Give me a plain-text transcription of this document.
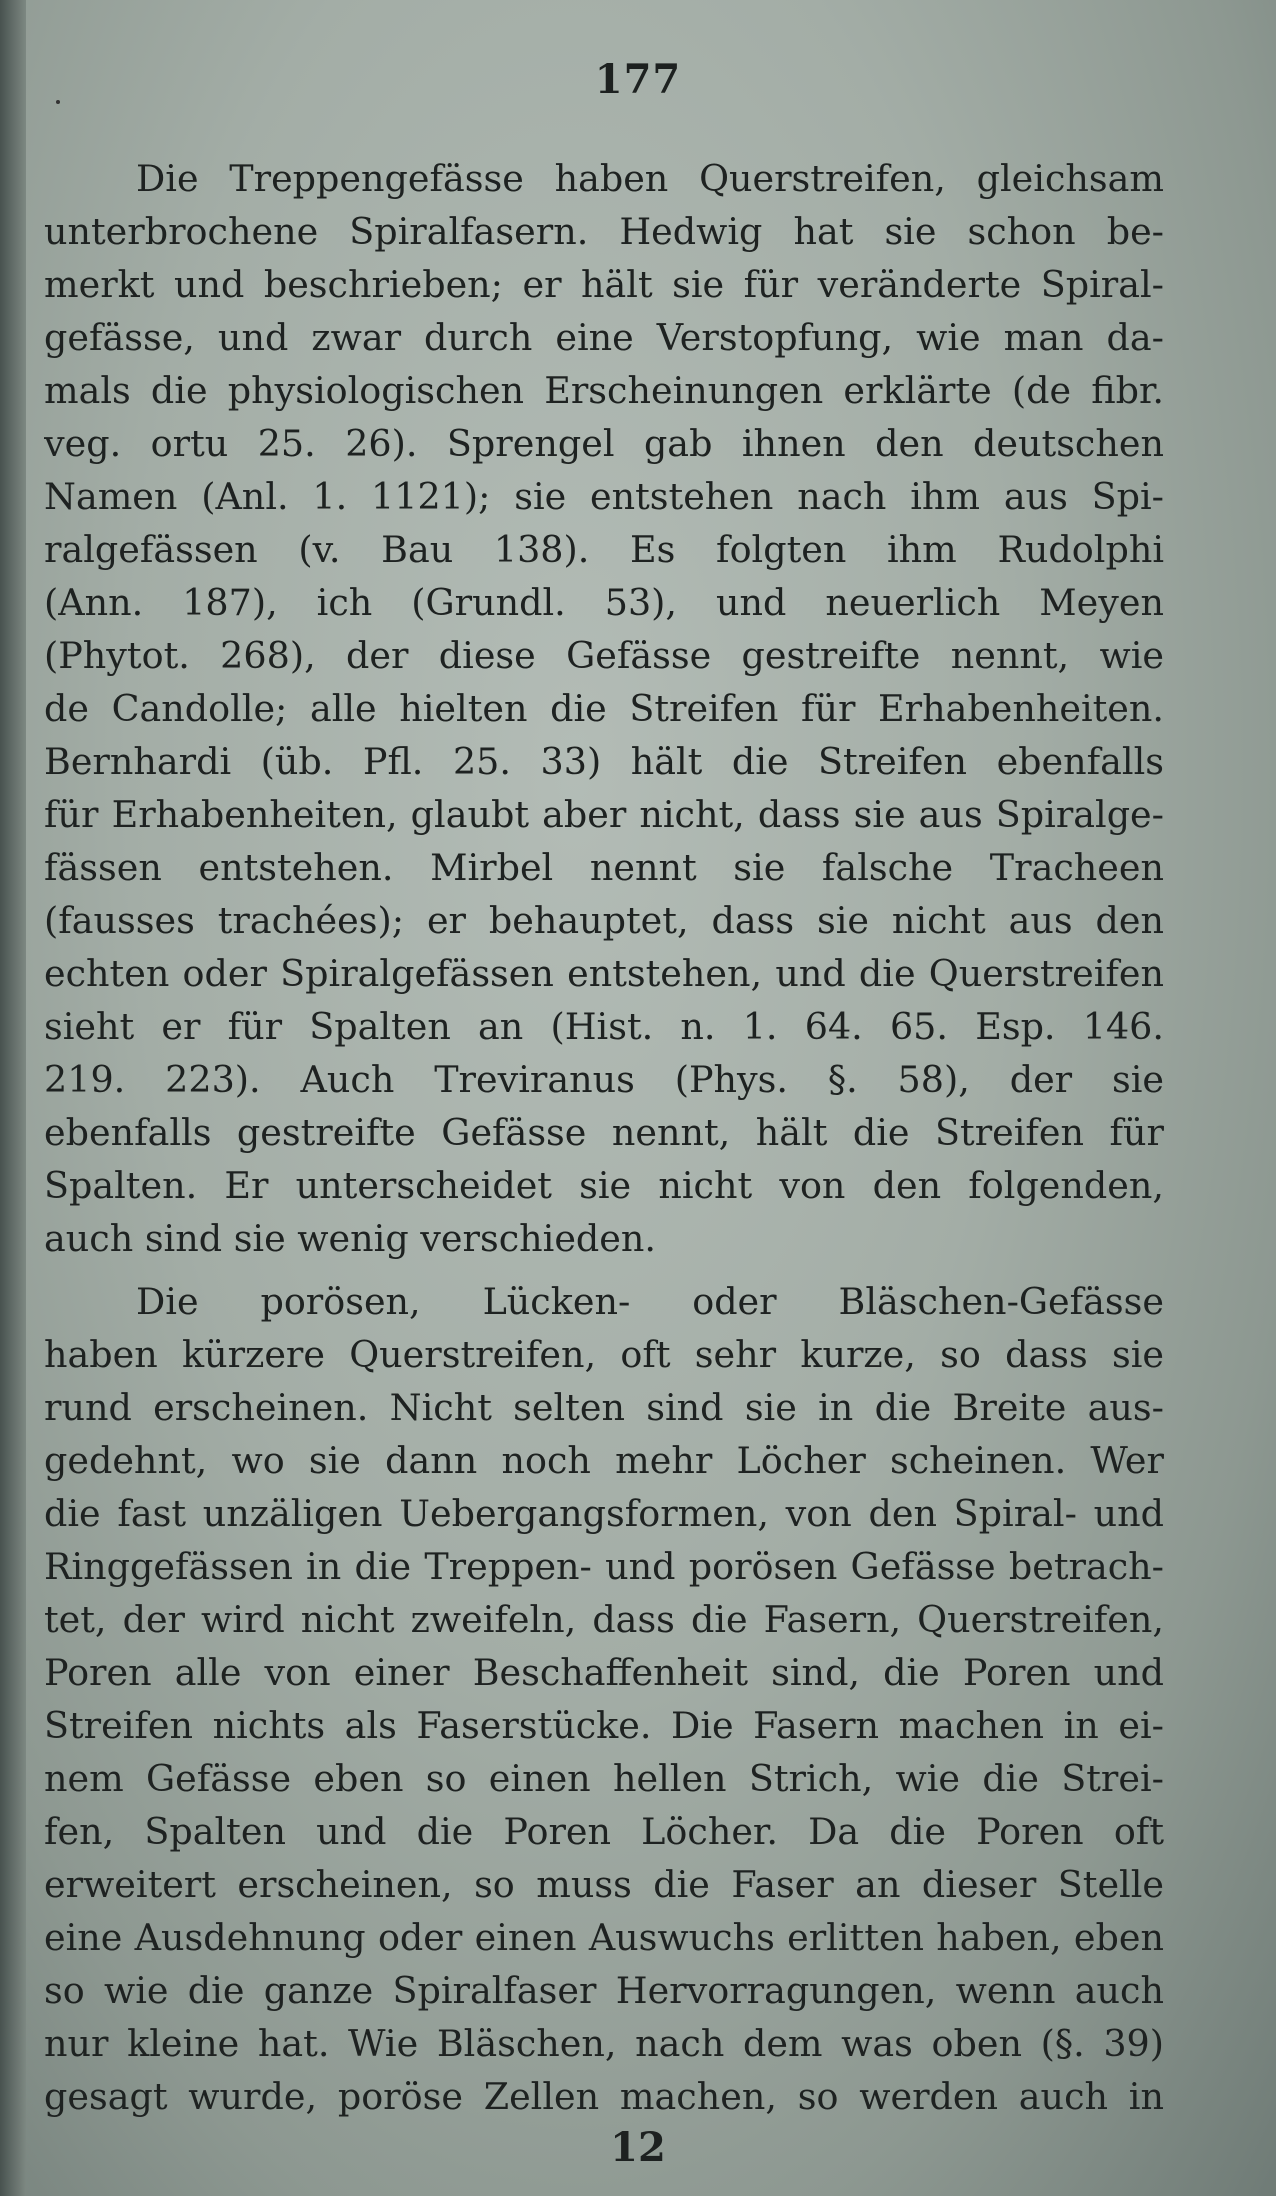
177
Die Treppengefässe haben Querstreifen, gleichsam
unterbrochene Spiralfasern. Hedwig hat sie schon be-
merkt und beschrieben; er hält sie für veränderte Spiral-
gefässe, und zwar durch eine Verstopfung, wie man da-
mals die physiologischen Erscheinungen erklärte (de fibr.
veg. ortu 25. 26). Sprengel gab ihnen den deutschen
Namen (Anl. 1. 1121); sie entstehen nach ihm aus Spi-
ralgefässen (v. Bau 138). Es folgten ihm Rudolphi
(Ann. 187), ich (Grundl. 53), und neuerlich Meyen
(Phytot. 268), der diese Gefässe gestreifte nennt, wie
de Candolle; alle hielten die Streifen für Erhabenheiten.
Bernhardi (üb. Pfl. 25. 33) hält die Streifen ebenfalls
für Erhabenheiten, glaubt aber nicht, dass sie aus Spiralge-
fässen entstehen. Mirbel nennt sie falsche Tracheen
(fausses trachées); er behauptet, dass sie nicht aus den
echten oder Spiralgefässen entstehen, und die Querstreifen
sieht er für Spalten an (Hist. n. 1. 64. 65. Esp. 146.
219. 223). Auch Treviranus (Phys. §. 58), der sie
ebenfalls gestreifte Gefässe nennt, hält die Streifen für
Spalten. Er unterscheidet sie nicht von den folgenden,
auch sind sie wenig verschieden.
Die porösen, Lücken- oder Bläschen-Gefässe
haben kürzere Querstreifen, oft sehr kurze, so dass sie
rund erscheinen. Nicht selten sind sie in die Breite aus-
gedehnt, wo sie dann noch mehr Löcher scheinen. Wer
die fast unzäligen Uebergangsformen, von den Spiral- und
Ringgefässen in die Treppen- und porösen Gefässe betrach-
tet, der wird nicht zweifeln, dass die Fasern, Querstreifen,
Poren alle von einer Beschaffenheit sind, die Poren und
Streifen nichts als Faserstücke. Die Fasern machen in ei-
nem Gefässe eben so einen hellen Strich, wie die Strei-
fen, Spalten und die Poren Löcher. Da die Poren oft
erweitert erscheinen, so muss die Faser an dieser Stelle
eine Ausdehnung oder einen Auswuchs erlitten haben, eben
so wie die ganze Spiralfaser Hervorragungen, wenn auch
nur kleine hat. Wie Bläschen, nach dem was oben (§. 39)
gesagt wurde, poröse Zellen machen, so werden auch in
12
